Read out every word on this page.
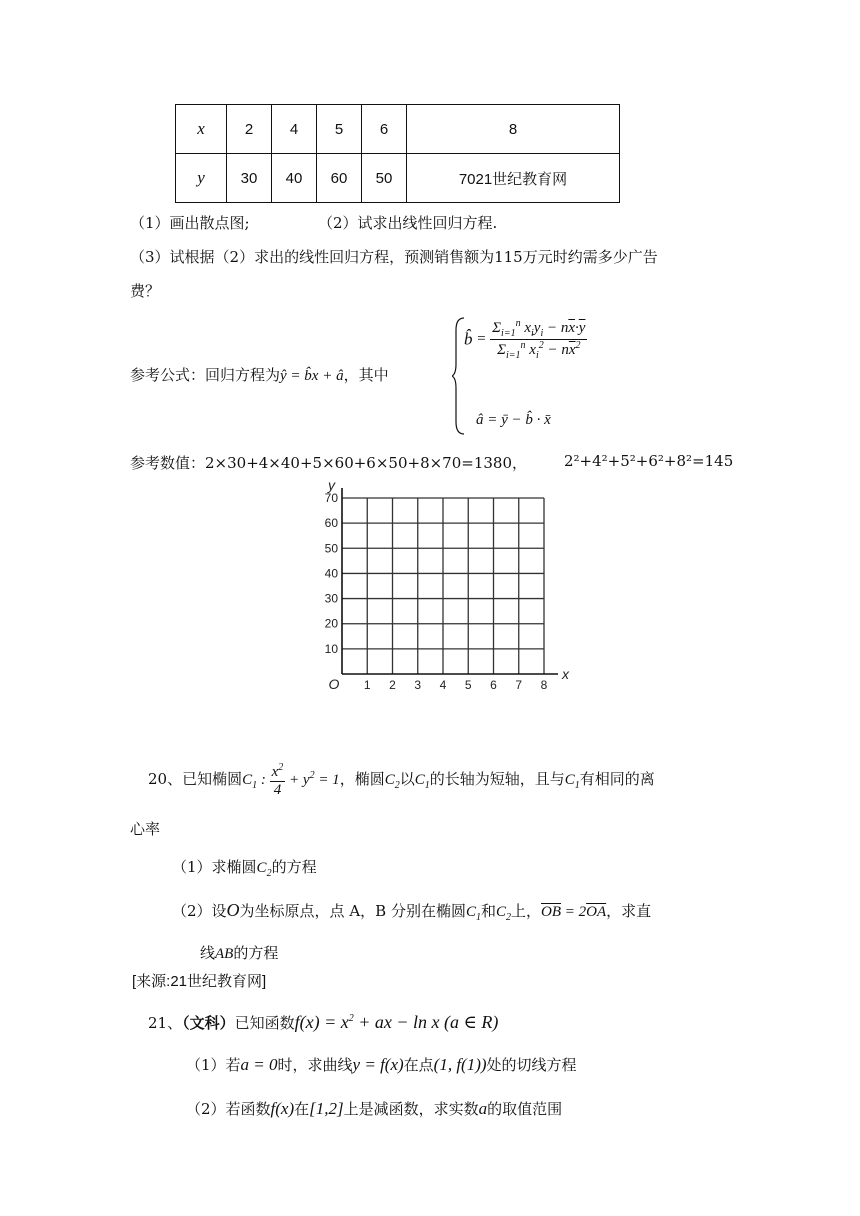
x	2	4	5	6	8
y	30	40	60	50	7021世纪教育网
（1）画出散点图;	（2）试求出线性回归方程.
（3）试根据（2）求出的线性回归方程，预测销售额为115万元时约需多少广告
费？
参考公式：回归方程为ŷ = b̂x + â，其中
b̂ = $\frac{\Sigma_{i=1}^n x_iy_i - n\overline{x}\cdot\overline{y}}{\Sigma_{i=1}^n x_i^2 - n\overline{x}^2}$
â = ȳ − b̂ · x̄
参考数值：2×30+4×40+5×60+6×50+8×70=1380， 2²+4²+5²+6²+8²=145
1 2 3 4 5 6 7 8
10
20
30
40
50
60
70
O
x
y
20、已知椭圆$C_1$ : $\frac{x^2}{4} + y^2 = 1$，椭圆$C_2$以$C_1$的长轴为短轴，且与$C_1$有相同的离
心率
（1）求椭圆$C_2$的方程
（2）设O为坐标原点，点 A，B 分别在椭圆$C_1$和$C_2$上，$\overline{OB} = 2\overline{OA}$，求直
线AB的方程
[来源:21世纪教育网]
21、（文科）已知函数$f(x) = x^2$ + ax − ln x (a ∈ R)
（1）若a = 0时，求曲线y = f(x)在点(1, f(1))处的切线方程
（2）若函数f(x)在[1,2]上是减函数，求实数a的取值范围
